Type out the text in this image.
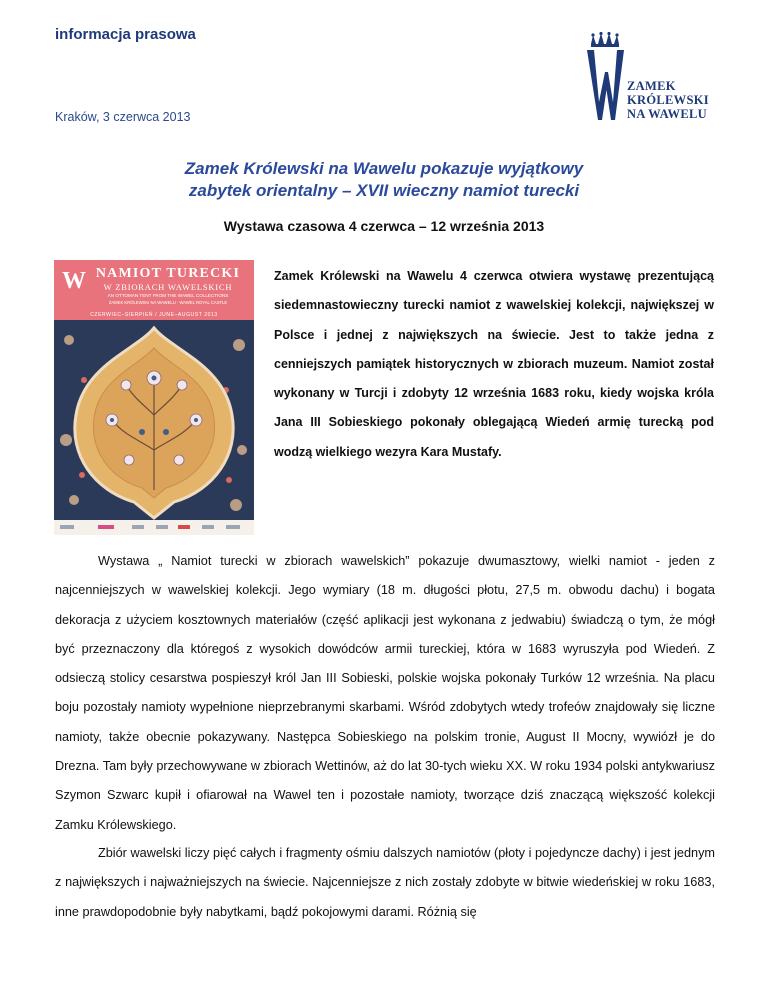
informacja prasowa
Kraków, 3 czerwca 2013
ZAMEK
KRÓLEWSKI
NA WAWELU
Zamek Królewski na Wawelu pokazuje wyjątkowy
zabytek orientalny – XVII wieczny namiot turecki
Wystawa czasowa 4 czerwca – 12 września 2013
W NAMIOT TURECKI
W ZBIORACH WAWELSKICH
AN OTTOMAN TENT FROM THE WAWEL COLLECTIONS
ZAMEK KRÓLEWSKI NA WAWELU · WAWEL ROYAL CASTLE
CZERWIEC–SIERPIEŃ / JUNE–AUGUST 2013

Zamek Królewski na Wawelu 4 czerwca otwiera wystawę prezentującą siedemnastowieczny turecki namiot z wawelskiej kolekcji, największej w Polsce i jednej z największych na świecie. Jest to także jedna z cenniejszych pamiątek historycznych w zbiorach muzeum. Namiot został wykonany w Turcji i zdobyty 12 września 1683 roku, kiedy wojska króla Jana III Sobieskiego pokonały oblegającą Wiedeń armię turecką pod wodzą wielkiego wezyra Kara Mustafy.

Wystawa „ Namiot turecki w zbiorach wawelskich” pokazuje dwumasztowy, wielki namiot - jeden z najcenniejszych w wawelskiej kolekcji. Jego wymiary (18 m. długości płotu, 27,5 m. obwodu dachu) i bogata dekoracja z użyciem kosztownych materiałów (część aplikacji jest wykonana z jedwabiu) świadczą o tym, że mógł być przeznaczony dla któregoś z wysokich dowódców armii tureckiej, która w 1683 wyruszyła pod Wiedeń. Z odsieczą stolicy cesarstwa pospieszył król Jan III Sobieski, polskie wojska pokonały Turków 12 września. Na placu boju pozostały namioty wypełnione nieprzebranymi skarbami. Wśród zdobytych wtedy trofeów znajdowały się liczne namioty, także obecnie pokazywany. Następca Sobieskiego na polskim tronie, August II Mocny, wywiózł je do Drezna. Tam były przechowywane w zbiorach Wettinów, aż do lat 30-tych wieku XX. W roku 1934 polski antykwariusz Szymon Szwarc kupił i ofiarował na Wawel ten i pozostałe namioty, tworzące dziś znaczącą większość kolekcji Zamku Królewskiego.

Zbiór wawelski liczy pięć całych i fragmenty ośmiu dalszych namiotów (płoty i pojedyncze dachy) i jest jednym z największych i najważniejszych na świecie. Najcenniejsze z nich zostały zdobyte w bitwie wiedeńskiej w roku 1683, inne prawdopodobnie były nabytkami, bądź pokojowymi darami. Różnią się
